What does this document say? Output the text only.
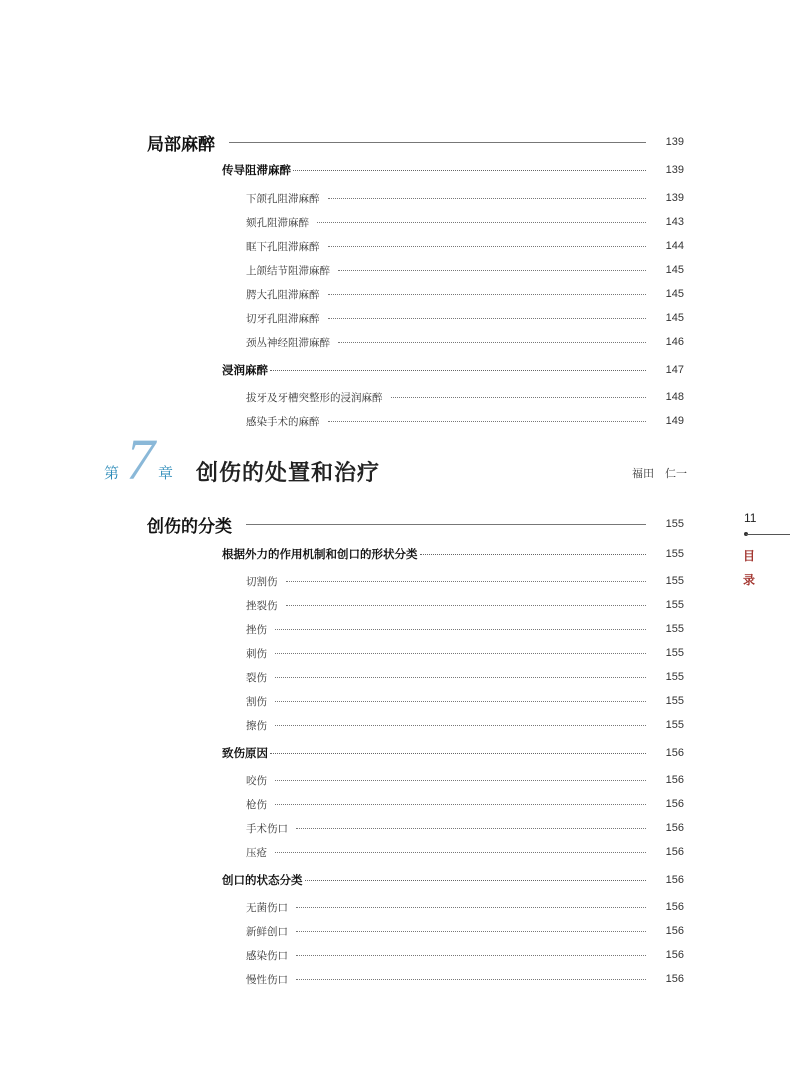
局部麻醉	139
传导阻滞麻醉	139
下颌孔阻滞麻醉	139
颏孔阻滞麻醉	143
眶下孔阻滞麻醉	144
上颌结节阻滞麻醉	145
腭大孔阻滞麻醉	145
切牙孔阻滞麻醉	145
颈丛神经阻滞麻醉	146
浸润麻醉	147
拔牙及牙槽突整形的浸润麻醉	148
感染手术的麻醉	149
第 7 章 创伤的处置和治疗	福田　仁一
创伤的分类	155
根据外力的作用机制和创口的形状分类	155
切割伤	155
挫裂伤	155
挫伤	155
刺伤	155
裂伤	155
割伤	155
擦伤	155
致伤原因	156
咬伤	156
枪伤	156
手术伤口	156
压疮	156
创口的状态分类	156
无菌伤口	156
新鲜创口	156
感染伤口	156
慢性伤口	156
11
目录
